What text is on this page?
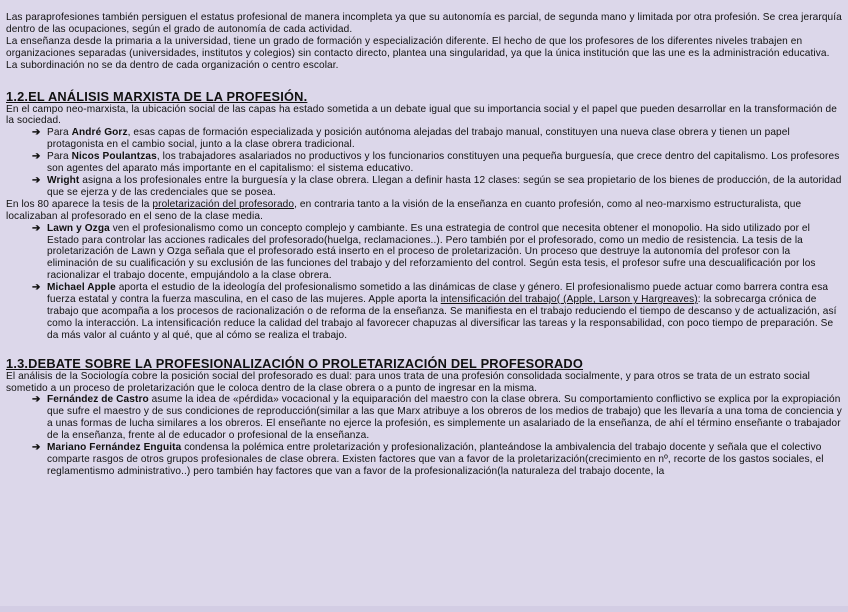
Las paraprofesiones también persiguen el estatus profesional de manera incompleta ya que su autonomía es parcial, de segunda mano y limitada por otra profesión. Se crea jerarquía dentro de las ocupaciones, según el grado de autonomía de cada actividad.

La enseñanza desde la primaria a la universidad, tiene un grado de formación y especialización diferente. El hecho de que los profesores de los diferentes niveles trabajen en organizaciones separadas (universidades, institutos y colegios) sin contacto directo, plantea una singularidad, ya que la única institución que las une es la administración educativa. La subordinación no se da dentro de cada organización o centro escolar.

1.2.EL ANÁLISIS MARXISTA DE LA PROFESIÓN.

En el campo neo-marxista, la ubicación social de las capas ha estado sometida a un debate igual que su importancia social y el papel que pueden desarrollar en la transformación de la sociedad.

➔ Para André Gorz, esas capas de formación especializada y posición autónoma alejadas del trabajo manual, constituyen una nueva clase obrera y tienen un papel protagonista en el cambio social, junto a la clase obrera tradicional.
➔ Para Nicos Poulantzas, los trabajadores asalariados no productivos y los funcionarios constituyen una pequeña burguesía, que crece dentro del capitalismo. Los profesores son agentes del aparato más importante en el capitalismo: el sistema educativo.
➔ Wright asigna a los profesionales entre la burguesía y la clase obrera. Llegan a definir hasta 12 clases: según se sea propietario de los bienes de producción, de la autoridad que se ejerza y de las credenciales que se posea.

En los 80 aparece la tesis de la proletarización del profesorado, en contraria tanto a la visión de la enseñanza en cuanto profesión, como al neo-marxismo estructuralista, que localizaban al profesorado en el seno de la clase media.

➔ Lawn y Ozga ven el profesionalismo como un concepto complejo y cambiante. Es una estrategia de control que necesita obtener el monopolio. Ha sido utilizado por el Estado para controlar las acciones radicales del profesorado(huelga, reclamaciones..). Pero también por el profesorado, como un medio de resistencia. La tesis de la proletarización de Lawn y Ozga señala que el profesorado está inserto en el proceso de proletarización. Un proceso que destruye la autonomía del profesor con la eliminación de su cualificación y su exclusión de las funciones del trabajo y del reforzamiento del control. Según esta tesis, el profesor sufre una descualificación por los racionalizar el trabajo docente, empujándolo a la clase obrera.
➔ Michael Apple aporta el estudio de la ideología del profesionalismo sometido a las dinámicas de clase y género. El profesionalismo puede actuar como barrera contra esa fuerza estatal y contra la fuerza masculina, en el caso de las mujeres. Apple aporta la intensificación del trabajo( (Apple, Larson y Hargreaves): la sobrecarga crónica de trabajo que acompaña a los procesos de racionalización o de reforma de la enseñanza. Se manifiesta en el trabajo reduciendo el tiempo de descanso y de actualización, así como la interacción. La intensificación reduce la calidad del trabajo al favorecer chapuzas al diversificar las tareas y la responsabilidad, con poco tiempo de preparación. Se da más valor al cuánto y al qué, que al cómo se realiza el trabajo.
1.3.DEBATE SOBRE LA PROFESIONALIZACIÓN O PROLETARIZACIÓN DEL PROFESORADO

El análisis de la Sociología cobre la posición social del profesorado es dual: para unos trata de una profesión consolidada socialmente, y para otros se trata de un estrato social sometido a un proceso de proletarización que le coloca dentro de la clase obrera o a punto de ingresar en la misma.

➔ Fernández de Castro asume la idea de «pérdida» vocacional y la equiparación del maestro con la clase obrera. Su comportamiento conflictivo se explica por la expropiación que sufre el maestro y de sus condiciones de reproducción(similar a las que Marx atribuye a los obreros de los medios de trabajo) que les llevaría a una toma de conciencia y a unas formas de lucha similares a los obreros. El enseñante no ejerce la profesión, es simplemente un asalariado de la enseñanza, de ahí el término enseñante o trabajador de la enseñanza, frente al de educador o profesional de la enseñanza.
➔ Mariano Fernández Enguita condensa la polémica entre proletarización y profesionalización, planteándose la ambivalencia del trabajo docente y señala que el colectivo comparte rasgos de otros grupos profesionales de clase obrera. Existen factores que van a favor de la proletarización(crecimiento en nº, recorte de los gastos sociales, el reglamentismo administrativo..) pero también hay factores que van a favor de la profesionalización(la naturaleza del trabajo docente, la
